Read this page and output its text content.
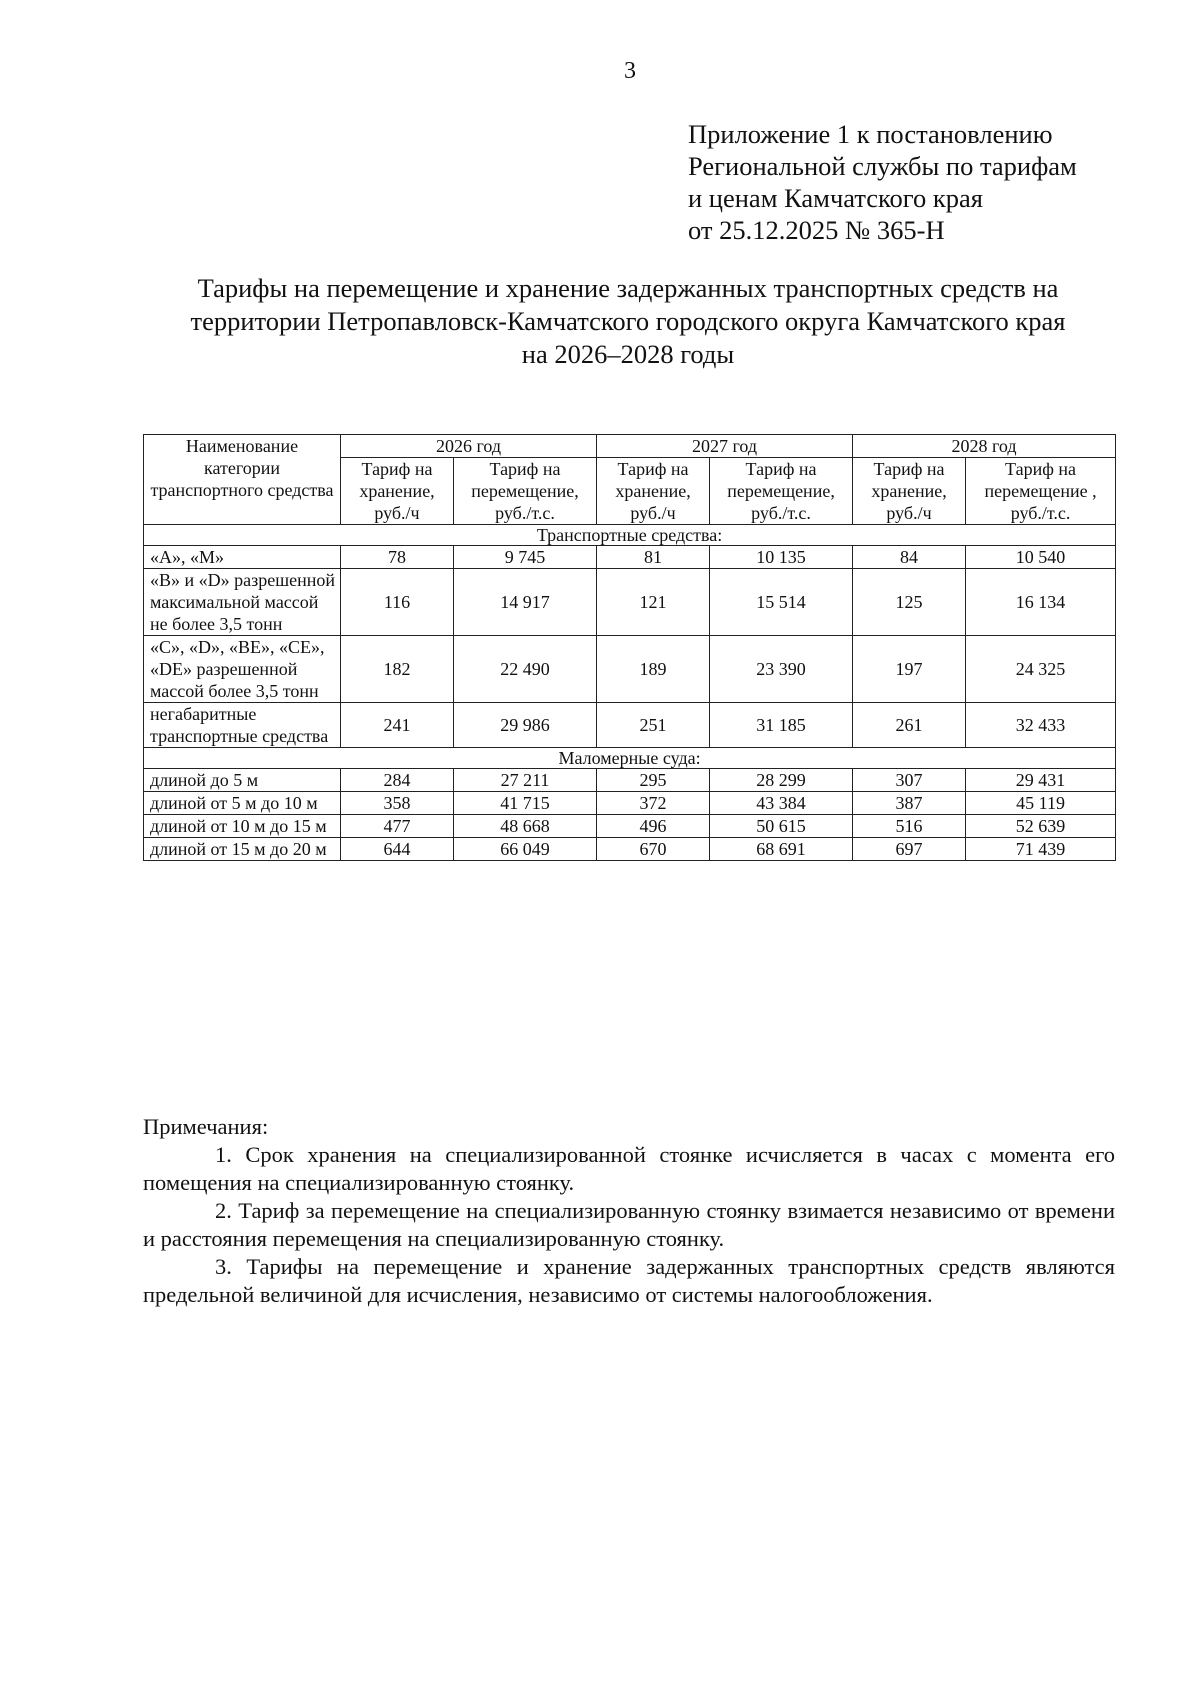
3
Приложение 1 к постановлению
Региональной службы по тарифам
и ценам Камчатского края
от 25.12.2025 № 365-Н
Тарифы на перемещение и хранение задержанных транспортных средств на
территории Петропавловск-Камчатского городского округа Камчатского края
на 2026–2028 годы
Наименование категории транспортного средства	2026 год		2027 год		2028 год	
	Тариф на хранение, руб./ч	Тариф на перемещение, руб./т.с.	Тариф на хранение, руб./ч	Тариф на перемещение, руб./т.с.	Тариф на хранение, руб./ч	Тариф на перемещение , руб./т.с.
Транспортные средства:						
«А», «М»	78	9 745	81	10 135	84	10 540
«В» и «D» разрешенной максимальной массой не более 3,5 тонн	116	14 917	121	15 514	125	16 134
«С», «D», «ВЕ», «СЕ», «DЕ» разрешенной массой более 3,5 тонн	182	22 490	189	23 390	197	24 325
негабаритные транспортные средства	241	29 986	251	31 185	261	32 433
Маломерные суда:						
длиной до 5 м	284	27 211	295	28 299	307	29 431
длиной от 5 м до 10 м	358	41 715	372	43 384	387	45 119
длиной от 10 м до 15 м	477	48 668	496	50 615	516	52 639
длиной от 15 м до 20 м	644	66 049	670	68 691	697	71 439
Примечания:

1. Срок хранения на специализированной стоянке исчисляется в часах с момента его помещения на специализированную стоянку.

2. Тариф за перемещение на специализированную стоянку взимается независимо от времени и расстояния перемещения на специализированную стоянку.

3. Тарифы на перемещение и хранение задержанных транспортных средств являются предельной величиной для исчисления, независимо от системы налогообложения.
